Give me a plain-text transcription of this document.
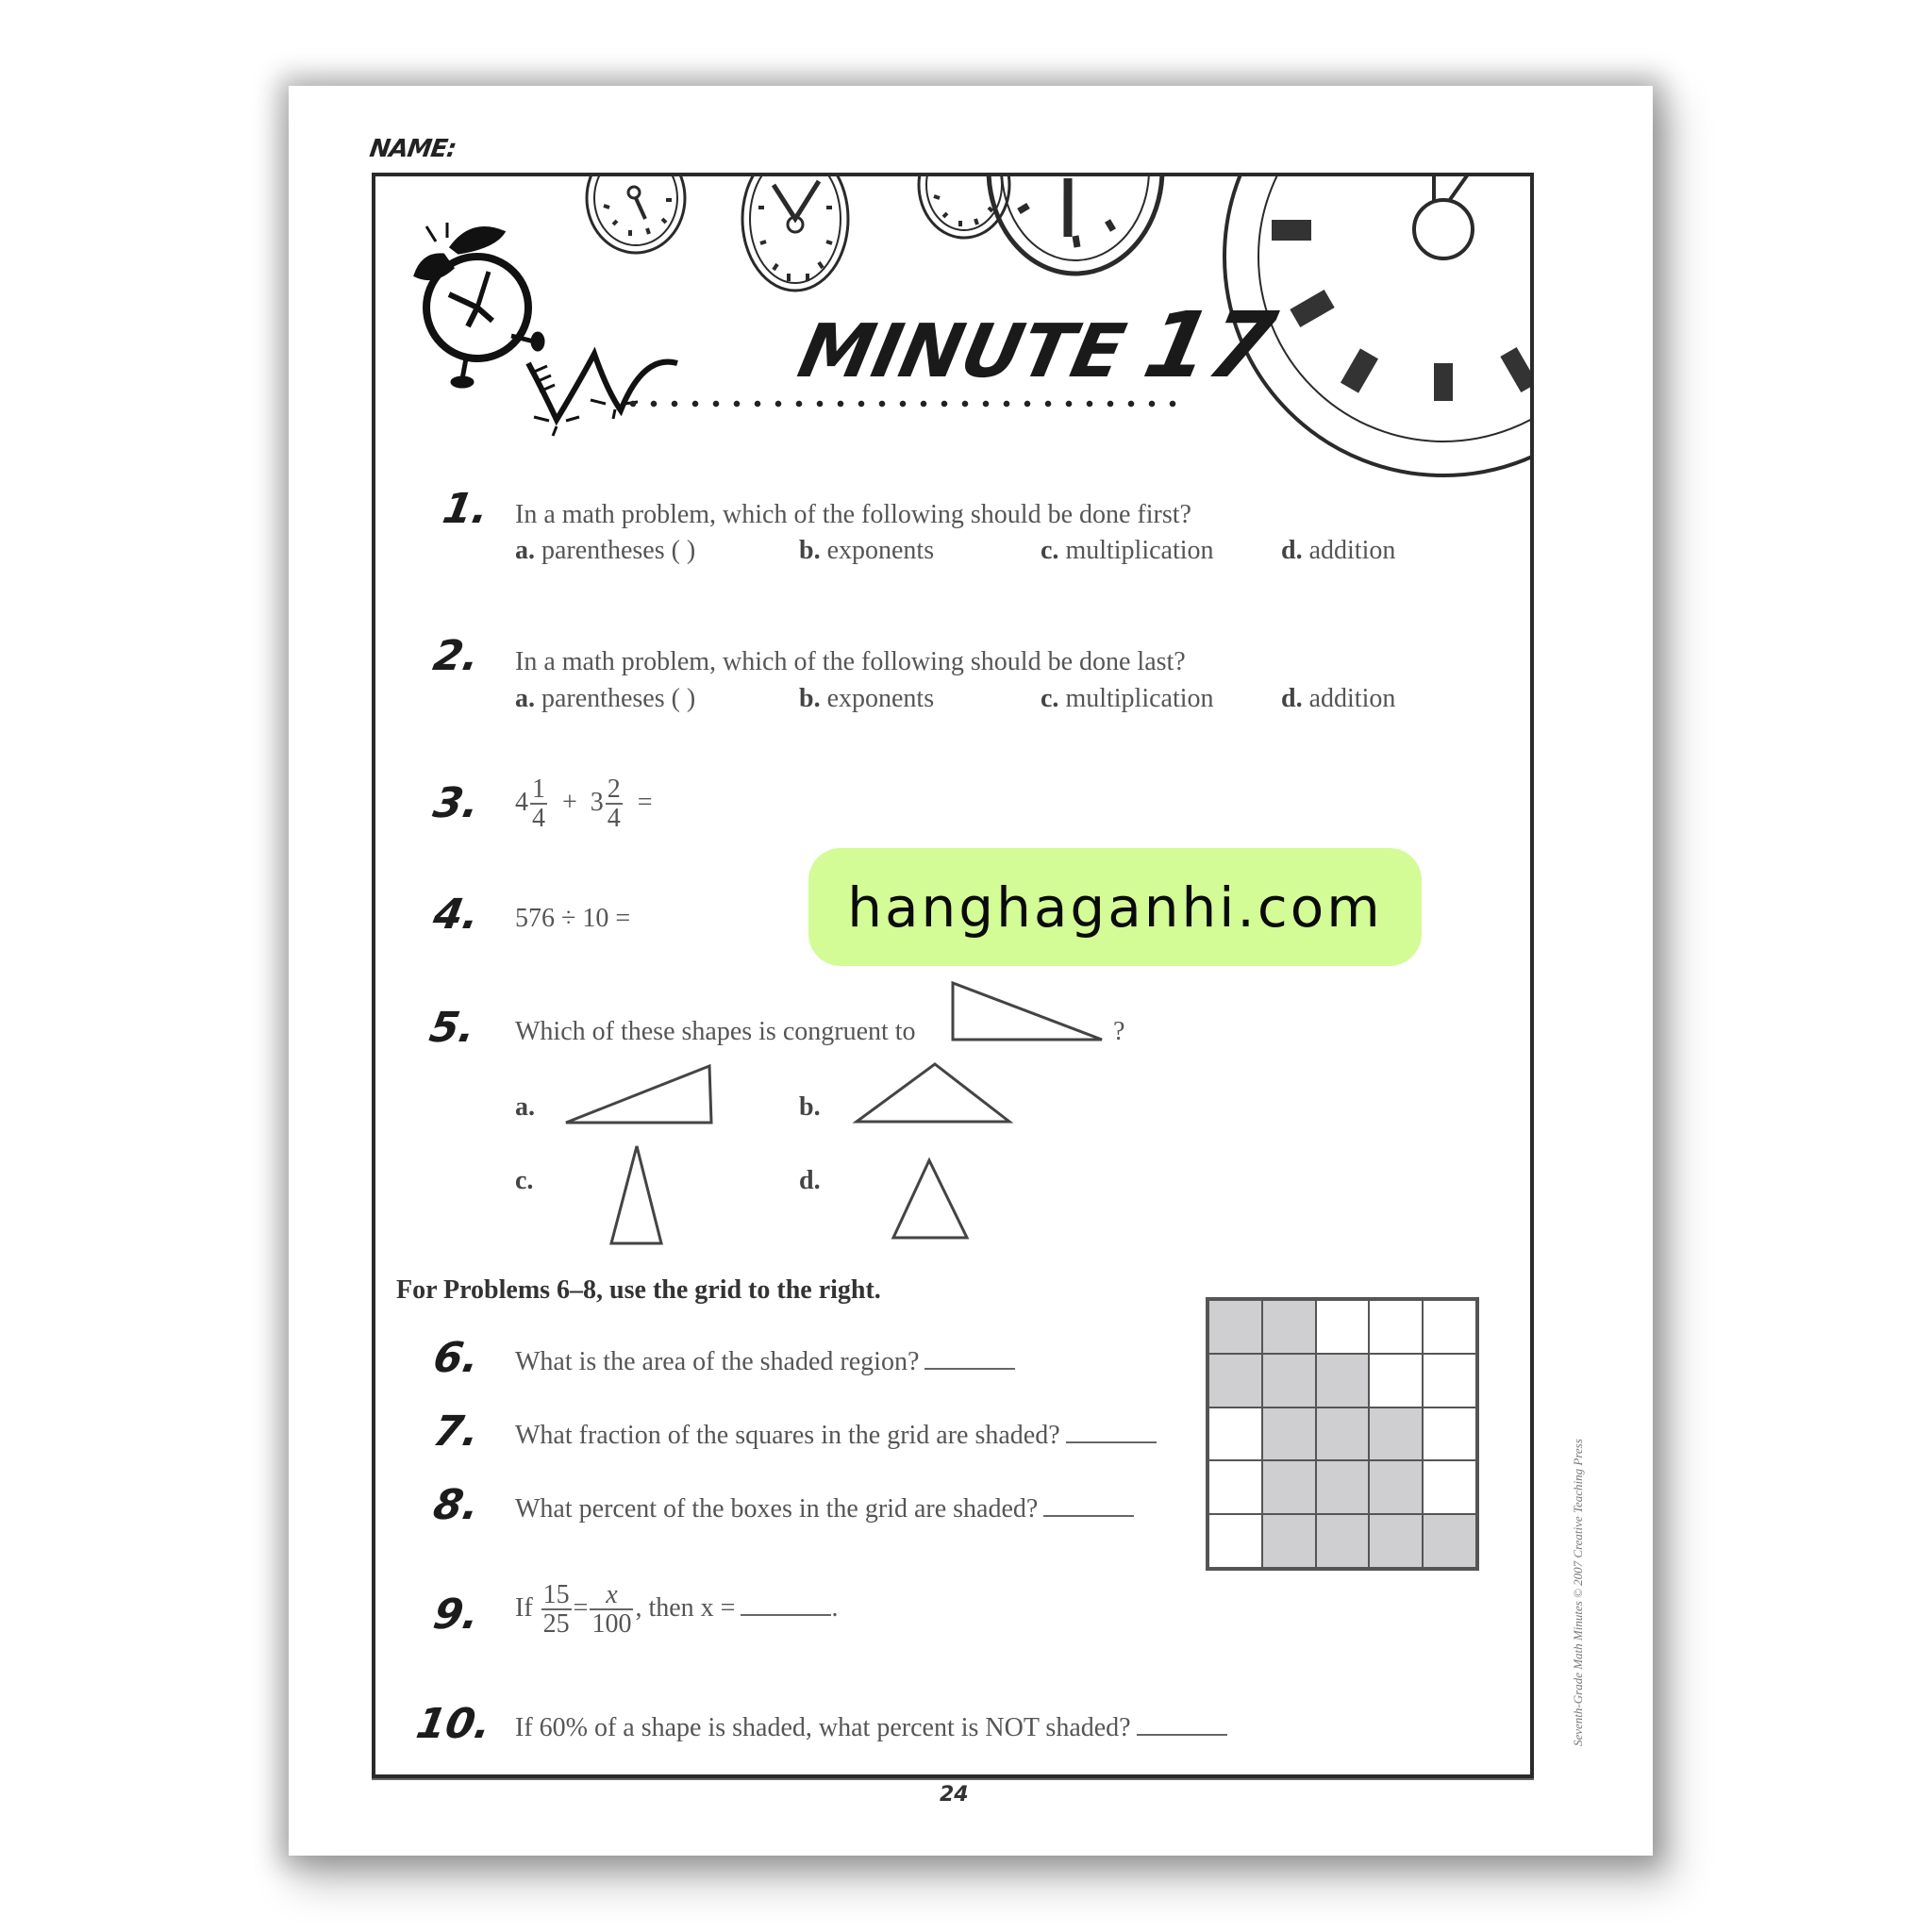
NAME:
MINUTE17
1. In a math problem, which of the following should be done first?
a. parentheses ( )	b. exponents	c. multiplication	d. addition
2. In a math problem, which of the following should be done last?
a. parentheses ( )	b. exponents	c. multiplication	d. addition
3. $4 \frac{1}{4} + 3 \frac{2}{4}$ =
4. 576 ÷ 10 =	hanghaganhi.com
5. Which of these shapes is congruent to	?
a.	b.
c.	d.
For Problems 6–8, use the grid to the right.
6. What is the area of the shaded region?
7. What fraction of the squares in the grid are shaded?
8. What percent of the boxes in the grid are shaded?
9. If $\frac{15}{25} = \frac{x}{100}$ , then x =	.
10. If 60% of a shape is shaded, what percent is NOT shaded?
24
Seventh-Grade Math Minutes © 2007 Creative Teaching Press
